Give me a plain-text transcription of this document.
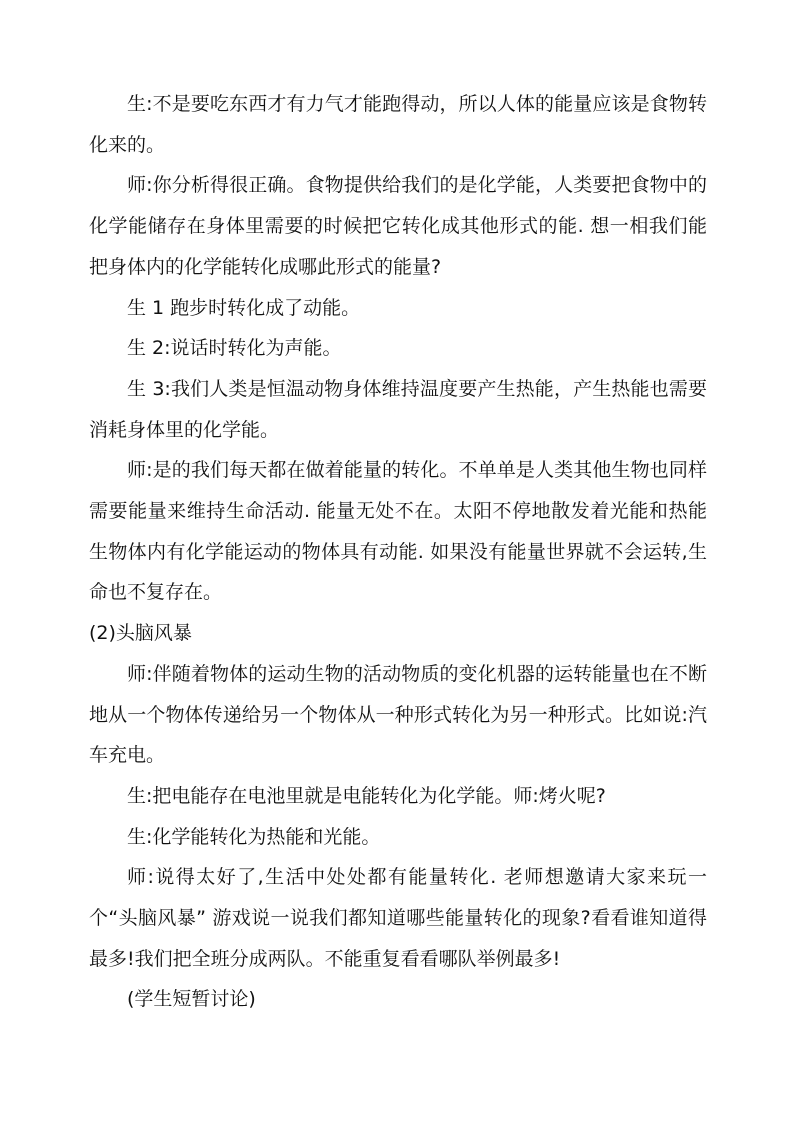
生:不是要吃东西才有力气才能跑得动，所以人体的能量应该是食物转化来的。

师:你分析得很正确。食物提供给我们的是化学能，人类要把食物中的化学能储存在身体里需要的时候把它转化成其他形式的能. 想一相我们能把身体内的化学能转化成哪此形式的能量?

生 1 跑步时转化成了动能。

生 2:说话时转化为声能。

生 3:我们人类是恒温动物身体维持温度要产生热能，产生热能也需要消耗身体里的化学能。

师:是的我们每天都在做着能量的转化。不单单是人类其他生物也同样需要能量来维持生命活动. 能量无处不在。太阳不停地散发着光能和热能生物体内有化学能运动的物体具有动能. 如果没有能量世界就不会运转,生命也不复存在。

(2)头脑风暴

师:伴随着物体的运动生物的活动物质的变化机器的运转能量也在不断地从一个物体传递给另一个物体从一种形式转化为另一种形式。比如说:汽车充电。

生:把电能存在电池里就是电能转化为化学能。师:烤火呢?

生:化学能转化为热能和光能。

师:说得太好了,生活中处处都有能量转化. 老师想邀请大家来玩一个“头脑风暴” 游戏说一说我们都知道哪些能量转化的现象?看看谁知道得最多!我们把全班分成两队。不能重复看看哪队举例最多!

(学生短暂讨论)
